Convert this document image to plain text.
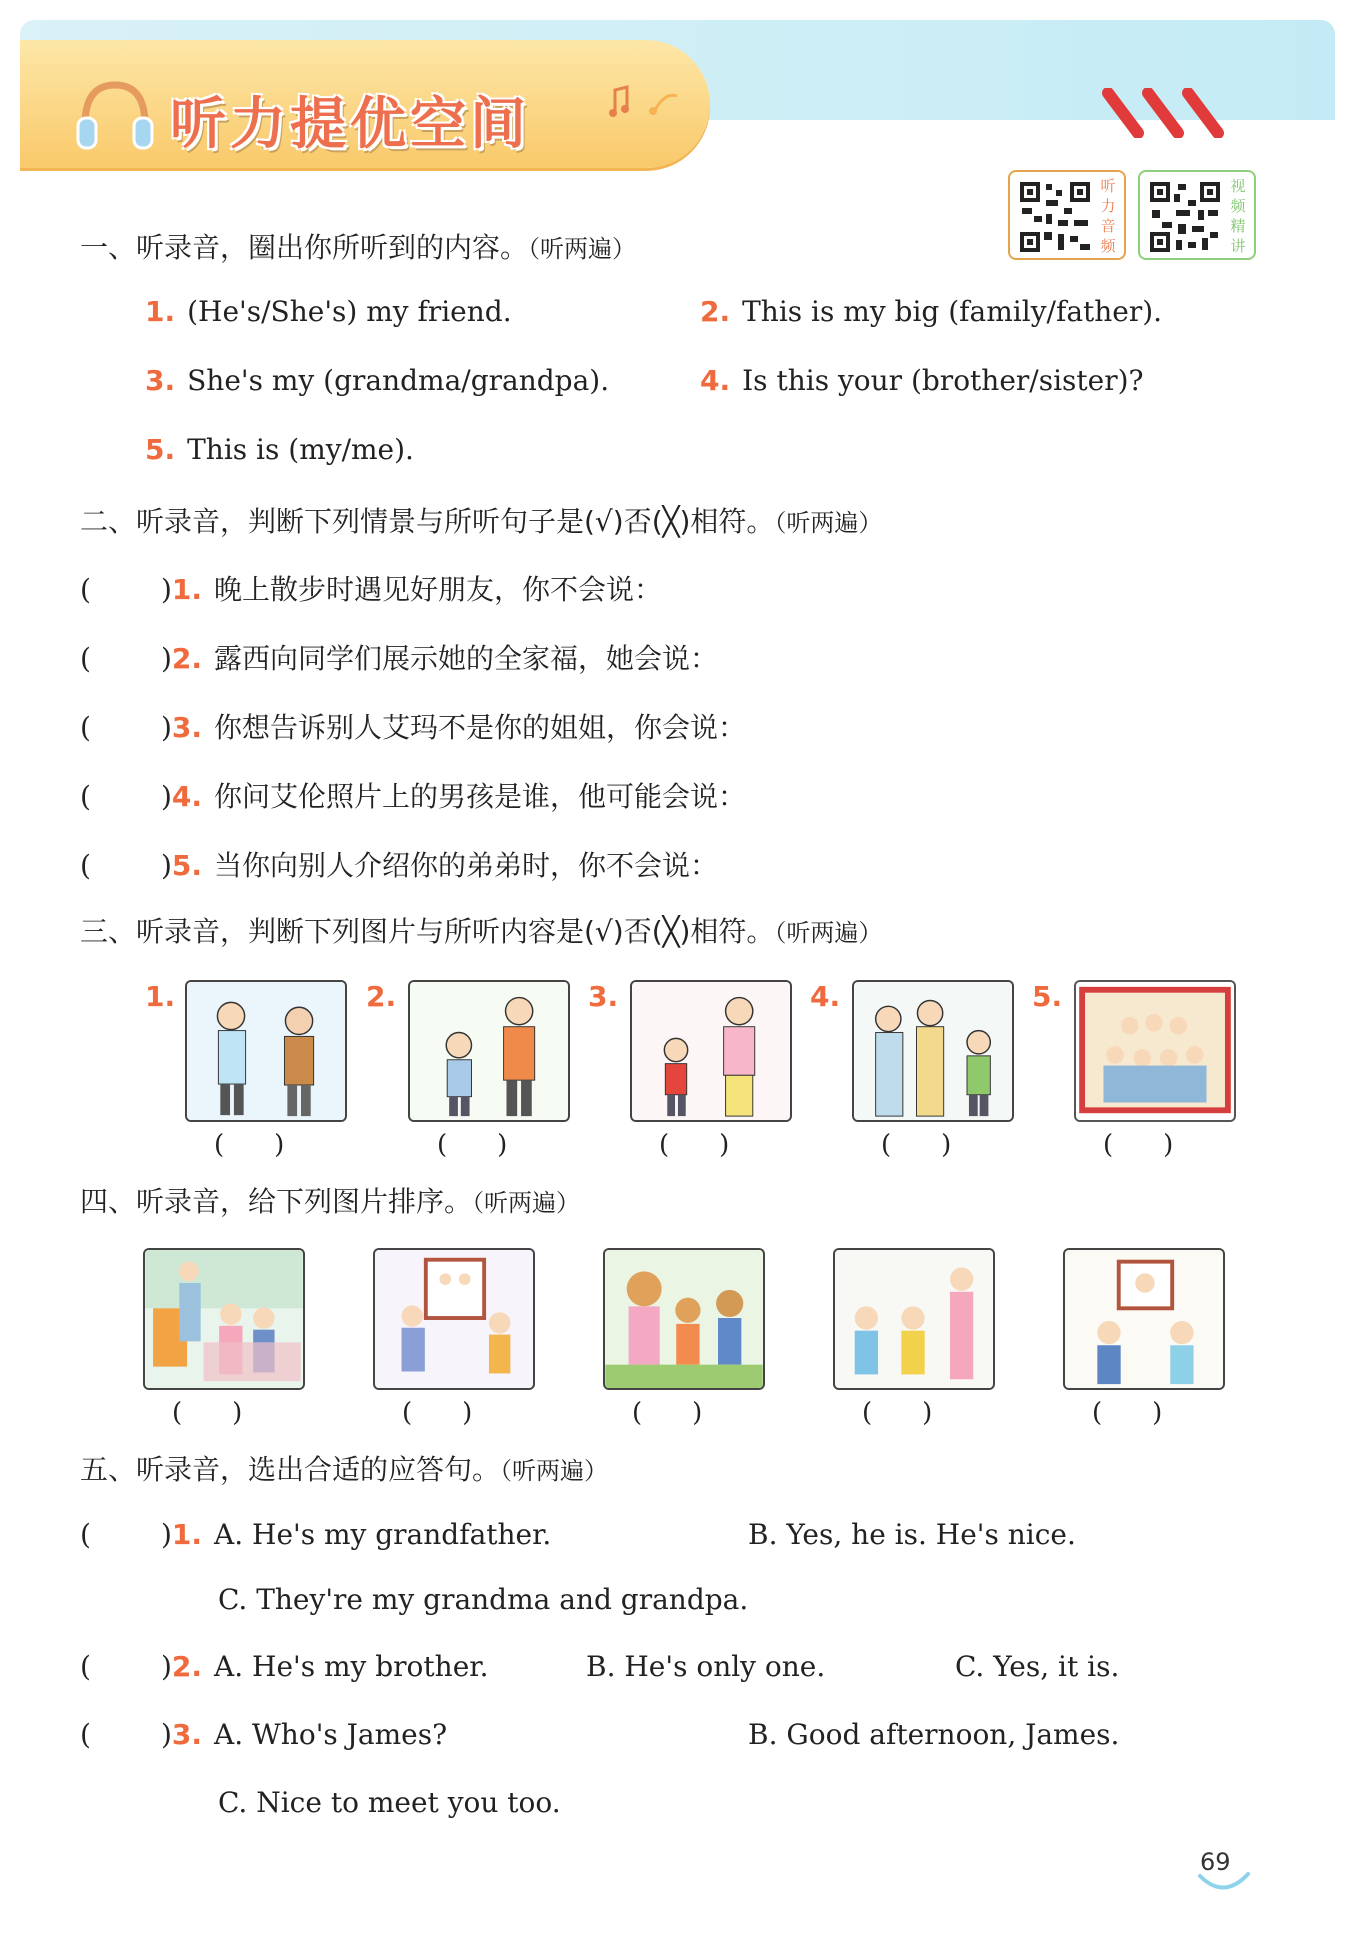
听力提优空间
听力音频
视频精讲
一、听录音，圈出你所听到的内容。（听两遍）
1. (He's/She's) my friend.	2. This is my big (family/father).
3. She's my (grandma/grandpa).	4. Is this your (brother/sister)?
5. This is (my/me).
二、听录音，判断下列情景与所听句子是(√)否(╳)相符。（听两遍）
(	)1. 晚上散步时遇见好朋友，你不会说：
(	)2. 露西向同学们展示她的全家福，她会说：
(	)3. 你想告诉别人艾玛不是你的姐姐，你会说：
(	)4. 你问艾伦照片上的男孩是谁，他可能会说：
(	)5. 当你向别人介绍你的弟弟时，你不会说：
三、听录音，判断下列图片与所听内容是(√)否(╳)相符。（听两遍）
1.	2.	3.	4.	5.
()	()	()	()	()
四、听录音，给下列图片排序。（听两遍）
()	()	()	()	()
五、听录音，选出合适的应答句。（听两遍）
(	)1. A. He's my grandfather.	B. Yes, he is. He's nice.
C. They're my grandma and grandpa.
(	)2. A. He's my brother.	B. He's only one.	C. Yes, it is.
(	)3. A. Who's James?	B. Good afternoon, James.
C. Nice to meet you too.
69
